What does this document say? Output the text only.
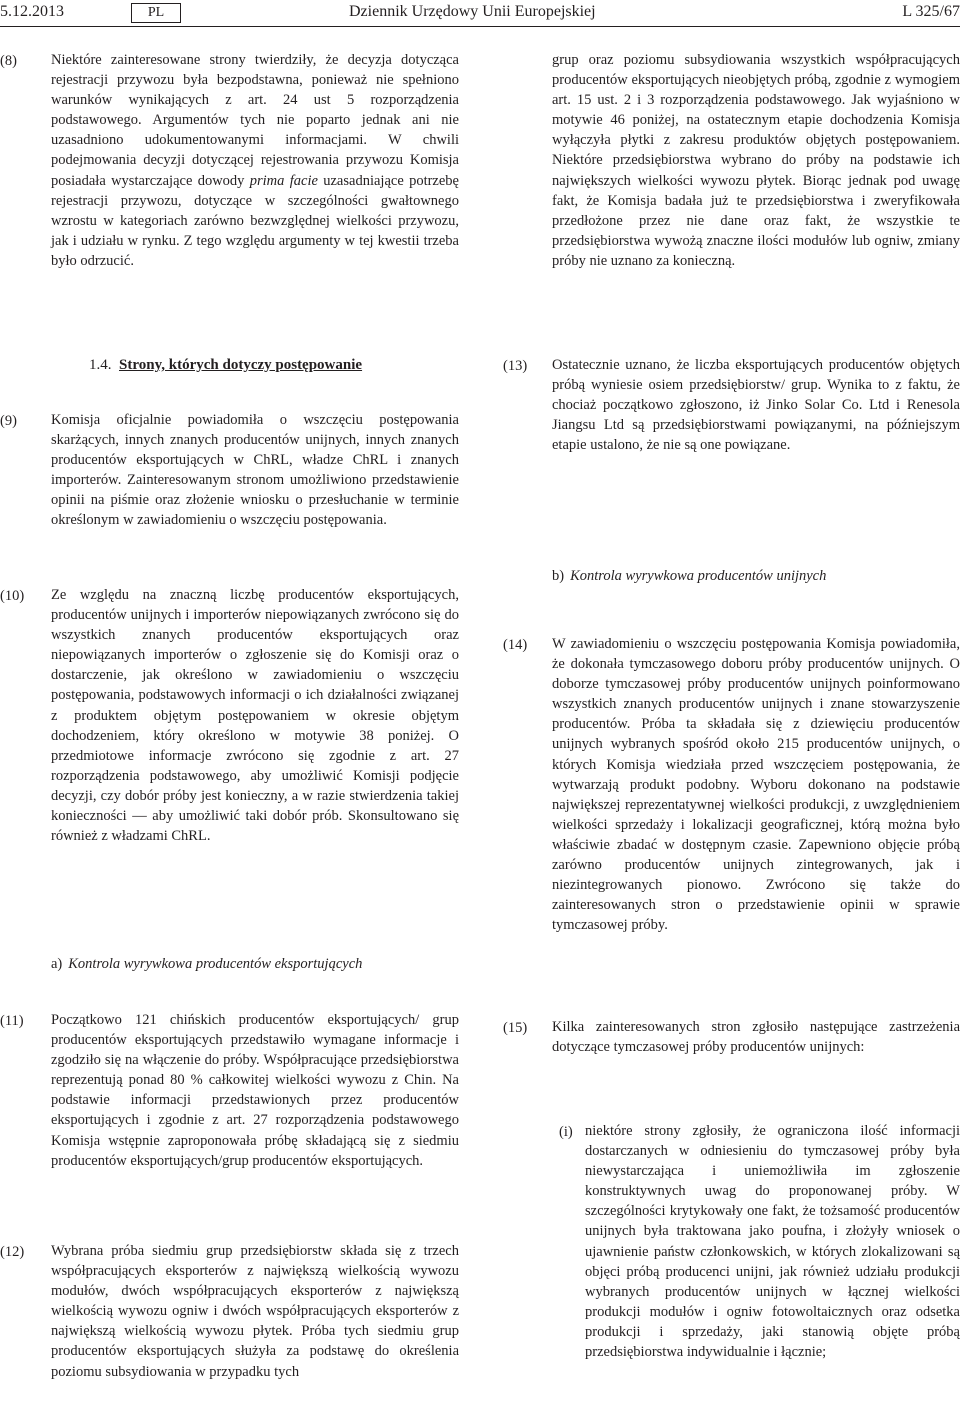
5.12.2013	PL	Dziennik Urzędowy Unii Europejskiej	L 325/67
(8) Niektóre zainteresowane strony twierdziły, że decyzja dotycząca rejestracji przywozu była bezpodstawna, ponieważ nie spełniono warunków wynikających z art. 24 ust 5 rozporządzenia podstawowego. Argumentów tych nie poparto jednak ani nie uzasadniono udokumentowanymi informacjami. W chwili podejmowania decyzji dotyczącej rejestrowania przywozu Komisja posiadała wystarczające dowody prima facie uzasadniające potrzebę rejestracji przywozu, dotyczące w szczególności gwałtownego wzrostu w kategoriach zarówno bezwzględnej wielkości przywozu, jak i udziału w rynku. Z tego względu argumenty w tej kwestii trzeba było odrzucić.
1.4. Strony, których dotyczy postępowanie
(9) Komisja oficjalnie powiadomiła o wszczęciu postępowania skarżących, innych znanych producentów unijnych, innych znanych producentów eksportujących w ChRL, władze ChRL i znanych importerów. Zainteresowanym stronom umożliwiono przedstawienie opinii na piśmie oraz złożenie wniosku o przesłuchanie w terminie określonym w zawiadomieniu o wszczęciu postępowania.
(10) Ze względu na znaczną liczbę producentów eksportujących, producentów unijnych i importerów niepowiązanych zwrócono się do wszystkich znanych producentów eksportujących oraz niepowiązanych importerów o zgłoszenie się do Komisji oraz o dostarczenie, jak określono w zawiadomieniu o wszczęciu postępowania, podstawowych informacji o ich działalności związanej z produktem objętym postępowaniem w okresie objętym dochodzeniem, który określono w motywie 38 poniżej. O przedmiotowe informacje zwrócono się zgodnie z art. 27 rozporządzenia podstawowego, aby umożliwić Komisji podjęcie decyzji, czy dobór próby jest konieczny, a w razie stwierdzenia takiej konieczności — aby umożliwić taki dobór prób. Skonsultowano się również z władzami ChRL.
a) Kontrola wyrywkowa producentów eksportujących
(11) Początkowo 121 chińskich producentów eksportujących/ grup producentów eksportujących przedstawiło wymagane informacje i zgodziło się na włączenie do próby. Współpracujące przedsiębiorstwa reprezentują ponad 80 % całkowitej wielkości wywozu z Chin. Na podstawie informacji przedstawionych przez producentów eksportujących i zgodnie z art. 27 rozporządzenia podstawowego Komisja wstępnie zaproponowała próbę składającą się z siedmiu producentów eksportujących/grup producentów eksportujących.
(12) Wybrana próba siedmiu grup przedsiębiorstw składa się z trzech współpracujących eksporterów z największą wielkością wywozu modułów, dwóch współpracujących eksporterów z największą wielkością wywozu ogniw i dwóch współpracujących eksporterów z największą wielkością wywozu płytek. Próba tych siedmiu grup producentów eksportujących służyła za podstawę do określenia poziomu subsydiowania w przypadku tych
grup oraz poziomu subsydiowania wszystkich współpracujących producentów eksportujących nieobjętych próbą, zgodnie z wymogiem art. 15 ust. 2 i 3 rozporządzenia podstawowego. Jak wyjaśniono w motywie 46 poniżej, na ostatecznym etapie dochodzenia Komisja wyłączyła płytki z zakresu produktów objętych postępowaniem. Niektóre przedsiębiorstwa wybrano do próby na podstawie ich największych wielkości wywozu płytek. Biorąc jednak pod uwagę fakt, że Komisja badała już te przedsiębiorstwa i zweryfikowała przedłożone przez nie dane oraz fakt, że wszystkie te przedsiębiorstwa wywożą znaczne ilości modułów lub ogniw, zmiany próby nie uznano za konieczną.
(13) Ostatecznie uznano, że liczba eksportujących producentów objętych próbą wyniesie osiem przedsiębiorstw/ grup. Wynika to z faktu, że chociaż początkowo zgłoszono, iż Jinko Solar Co. Ltd i Renesola Jiangsu Ltd są przedsiębiorstwami powiązanymi, na późniejszym etapie ustalono, że nie są one powiązane.
b) Kontrola wyrywkowa producentów unijnych
(14) W zawiadomieniu o wszczęciu postępowania Komisja powiadomiła, że dokonała tymczasowego doboru próby producentów unijnych. O doborze tymczasowej próby producentów unijnych poinformowano wszystkich znanych producentów unijnych i znane stowarzyszenie producentów. Próba ta składała się z dziewięciu producentów unijnych wybranych spośród około 215 producentów unijnych, o których Komisja wiedziała przed wszczęciem postępowania, że wytwarzają produkt podobny. Wyboru dokonano na podstawie największej reprezentatywnej wielkości produkcji, z uwzględnieniem wielkości sprzedaży i lokalizacji geograficznej, którą można było właściwie zbadać w dostępnym czasie. Zapewniono objęcie próbą zarówno producentów unijnych zintegrowanych, jak i niezintegrowanych pionowo. Zwrócono się także do zainteresowanych stron o przedstawienie opinii w sprawie tymczasowej próby.
(15) Kilka zainteresowanych stron zgłosiło następujące zastrzeżenia dotyczące tymczasowej próby producentów unijnych:
(i) niektóre strony zgłosiły, że ograniczona ilość informacji dostarczanych w odniesieniu do tymczasowej próby była niewystarczająca i uniemożliwiła im zgłoszenie konstruktywnych uwag do proponowanej próby. W szczególności krytykowały one fakt, że tożsamość producentów unijnych była traktowana jako poufna, i złożyły wniosek o ujawnienie państw członkowskich, w których zlokalizowani są objęci próbą producenci unijni, jak również udziału produkcji wybranych producentów unijnych w łącznej wielkości produkcji modułów i ogniw fotowoltaicznych oraz odsetka produkcji i sprzedaży, jaki stanowią objęte próbą przedsiębiorstwa indywidualnie i łącznie;
